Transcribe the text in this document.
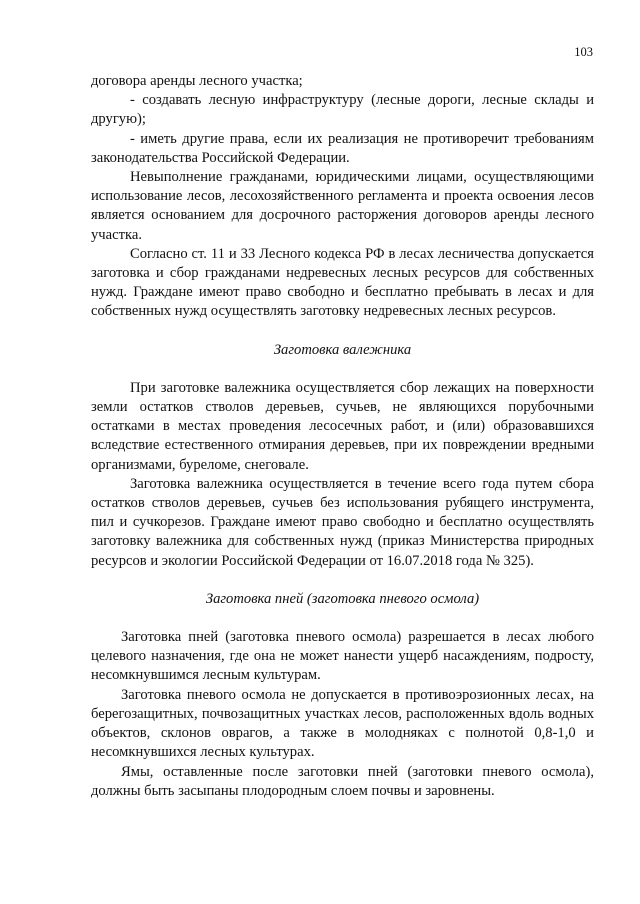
103

договора аренды лесного участка;

- создавать лесную инфраструктуру (лесные дороги, лесные склады и другую);

- иметь другие права, если их реализация не противоречит требованиям законодательства Российской Федерации.

Невыполнение гражданами, юридическими лицами, осуществляющими использование лесов, лесохозяйственного регламента и проекта освоения лесов является основанием для досрочного расторжения договоров аренды лесного участка.

Согласно ст. 11 и 33 Лесного кодекса РФ в лесах лесничества допускается заготовка и сбор гражданами недревесных лесных ресурсов для собственных нужд. Граждане имеют право свободно и бесплатно пребывать в лесах и для собственных нужд осуществлять заготовку недревесных лесных ресурсов.

Заготовка валежника

При заготовке валежника осуществляется сбор лежащих на поверхности земли остатков стволов деревьев, сучьев, не являющихся порубочными остатками в местах проведения лесосечных работ, и (или) образовавшихся вследствие естественного отмирания деревьев, при их повреждении вредными организмами, буреломе, снеговале.

Заготовка валежника осуществляется в течение всего года путем сбора остатков стволов деревьев, сучьев без использования рубящего инструмента, пил и сучкорезов. Граждане имеют право свободно и бесплатно осуществлять заготовку валежника для собственных нужд (приказ Министерства природных ресурсов и экологии Российской Федерации от 16.07.2018 года № 325).

Заготовка пней (заготовка пневого осмола)

Заготовка пней (заготовка пневого осмола) разрешается в лесах любого целевого назначения, где она не может нанести ущерб насаждениям, подросту, несомкнувшимся лесным культурам.

Заготовка пневого осмола не допускается в противоэрозионных лесах, на берегозащитных, почвозащитных участках лесов, расположенных вдоль водных объектов, склонов оврагов, а также в молодняках с полнотой 0,8-1,0 и несомкнувшихся лесных культурах.

Ямы, оставленные после заготовки пней (заготовки пневого осмола), должны быть засыпаны плодородным слоем почвы и заровнены.
